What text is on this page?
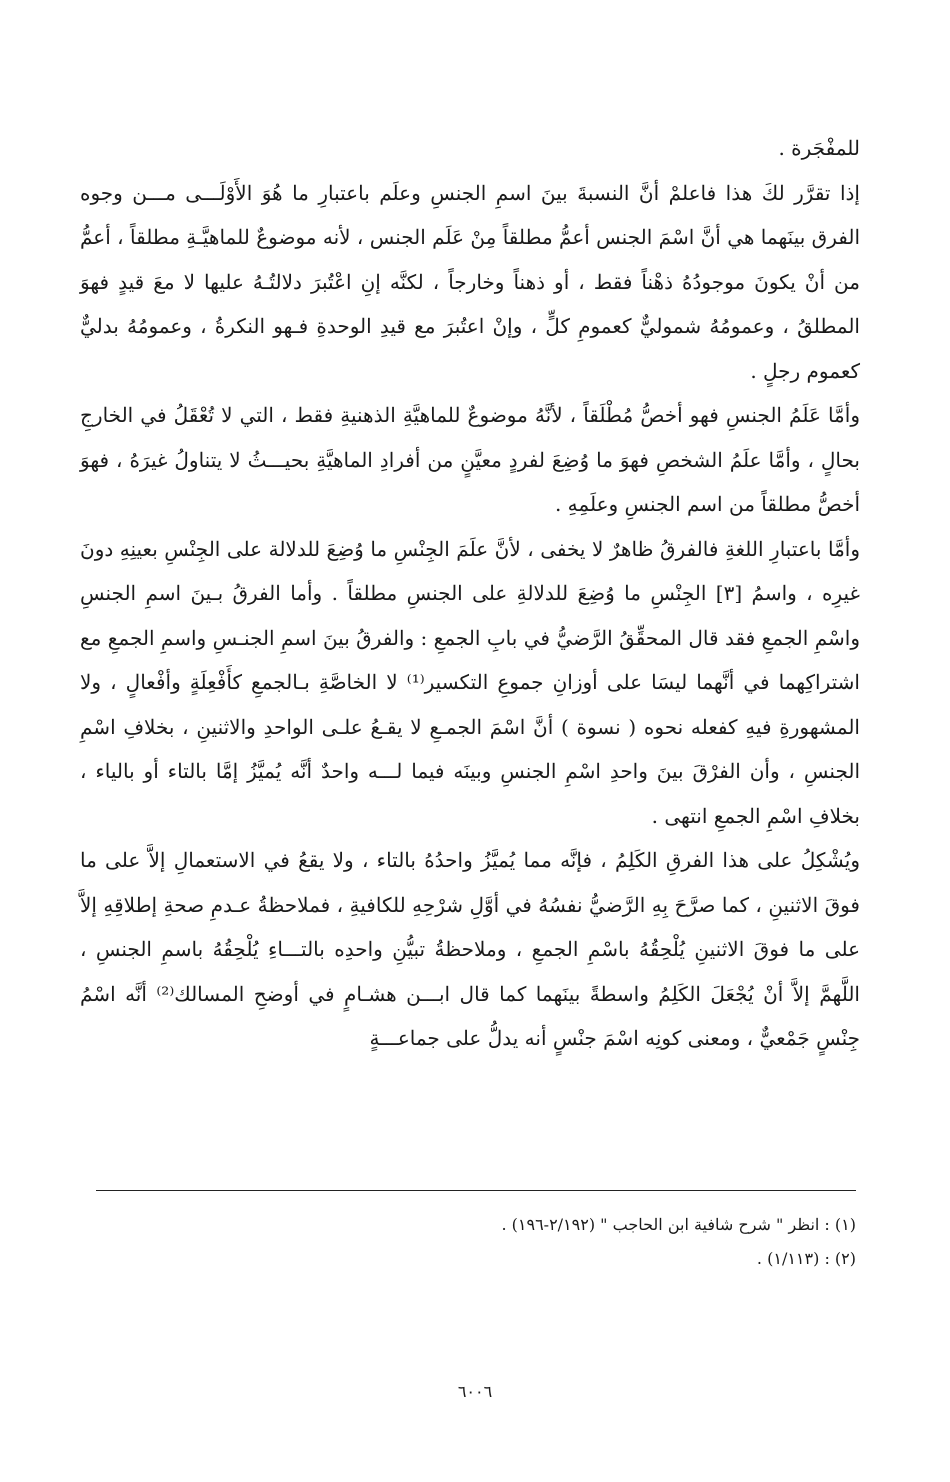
للمفْجَرة .

إذا تقرَّر لكَ هذا فاعلمْ أنَّ النسبةَ بينَ اسمِ الجنسِ وعلَم باعتبارِ ما هُوَ الأَوْلَـــى مـــن وجوه الفرق بينَهما هي أنَّ اسْمَ الجنس أعمُّ مطلقاً مِنْ عَلَم الجنس ، لأنه موضوعٌ للماهيَّـةِ مطلقاً ، أعمُّ من أنْ يكونَ موجودُهُ ذهْناً فقط ، أو ذهناً وخارجاً ، لكنَّه إنِ اعْتُبرَ دلالتُـهُ عليها لا معَ قيدٍ فهوَ المطلقُ ، وعمومُهُ شموليٌّ كعمومِ كلٍّ ، وإنْ اعتُبرَ مع قيدِ الوحدةِ فـهو النكرةُ ، وعمومُهُ بدليٌّ كعموم رجلٍ .

وأمَّا عَلَمُ الجنسِ فهو أخصُّ مُطْلَقاً ، لأنَّهُ موضوعٌ للماهيَّةِ الذهنيةِ فقط ، التي لا تُعْقَلُ في الخارجِ بحالٍ ، وأمَّا علَمُ الشخصِ فهوَ ما وُضِعَ لفردٍ معيَّنٍ من أفرادِ الماهيَّةِ بحيـــثُ لا يتناولُ غيرَهُ ، فهوَ أخصُّ مطلقاً من اسم الجنسِ وعلَمِهِ .

وأمَّا باعتبارِ اللغةِ فالفرقُ ظاهرٌ لا يخفى ، لأنَّ علَمَ الجِنْسِ ما وُضِعَ للدلالة على الجِنْسِ بعينِهِ دونَ غيرِه ، واسمُ [٣] الجِنْسِ ما وُضِعَ للدلالةِ على الجنسِ مطلقاً . وأما الفرقُ بـينَ اسمِ الجنسِ واسْمِ الجمعِ فقد قال المحقِّقُ الرَّضيُّ في بابِ الجمعِ : والفرقُ بينَ اسمِ الجنـسِ واسمِ الجمعِ مع اشتراكِهما في أنَّهما ليسَا على أوزانِ جموعِ التكسير⁽¹⁾ لا الخاصَّةِ بـالجمعِ كأَفْعِلَةٍ وأفْعالٍ ، ولا المشهورةِ فيهِ كفعله نحوه ( نسوة ) أنَّ اسْمَ الجمـعِ لا يقـعُ علـى الواحدِ والاثنينِ ، بخلافِ اسْمِ الجنسِ ، وأن الفرْقَ بينَ واحدِ اسْمِ الجنسِ وبينَه فيما لـــه واحدٌ أنَّه يُميَّزُ إمَّا بالتاء أو بالياء ، بخلافِ اسْمِ الجمعِ انتهى .

ويُشْكِلُ على هذا الفرقِ الكَلِمُ ، فإنَّه مما يُميَّزُ واحدُهُ بالتاء ، ولا يقعُ في الاستعمالِ إلاَّ على ما فوقَ الاثنينِ ، كما صرَّحَ بِهِ الرَّضيُّ نفسُهُ في أوَّلِ شرْحِهِ للكافيةِ ، فملاحظةُ عـدمِ صحةِ إطلاقِهِ إلاَّ على ما فوقَ الاثنينِ يُلْحِقُهُ باسْمِ الجمعِ ، وملاحظةُ تبيُّنِ واحدِه بالتـــاءِ يُلْحِقُهُ باسمِ الجنسِ ، اللَّهمَّ إلاَّ أنْ يُجْعَلَ الكَلِمُ واسطةً بينَهما كما قال ابـــن هشـامٍ في أوضحِ المسالك⁽²⁾ أنَّه اسْمُ جِنْسٍ جَمْعيٌّ ، ومعنى كونِه اسْمَ جنْسٍ أنه يدلُّ على جماعـــةٍ

(١) : انظر " شرح شافية ابن الحاجب " (٢/١٩٢-١٩٦) .

(٢) : (١/١١٣) .

٦٠٠٦
